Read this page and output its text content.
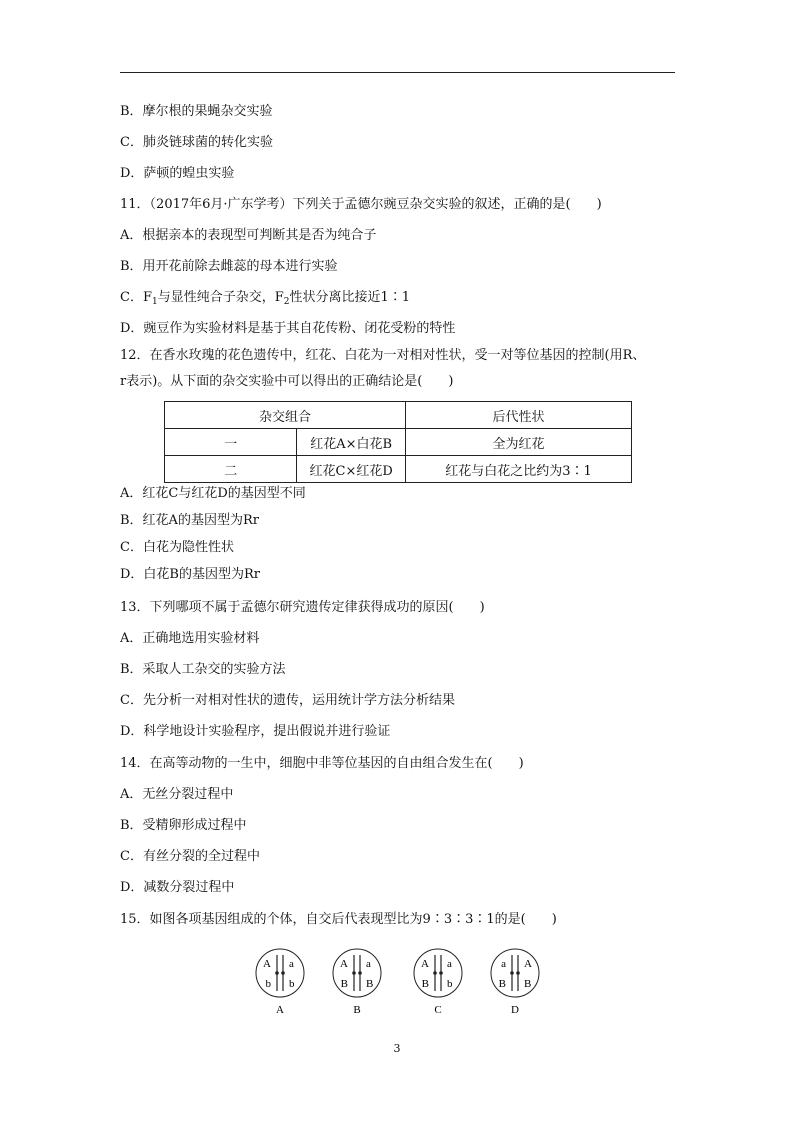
B．摩尔根的果蝇杂交实验
C．肺炎链球菌的转化实验
D．萨顿的蝗虫实验
11．（2017年6月·广东学考）下列关于孟德尔豌豆杂交实验的叙述，正确的是(　　)
A．根据亲本的表现型可判断其是否为纯合子
B．用开花前除去雌蕊的母本进行实验
C．$F_1$与显性纯合子杂交，$F_2$性状分离比接近1∶1
D．豌豆作为实验材料是基于其自花传粉、闭花受粉的特性
12．在香水玫瑰的花色遗传中，红花、白花为一对相对性状，受一对等位基因的控制(用R、
r表示)。从下面的杂交实验中可以得出的正确结论是(　　)
杂交组合		后代性状
一	红花A×白花B	全为红花
二	红花C×红花D	红花与白花之比约为3∶1
A．红花C与红花D的基因型不同
B．红花A的基因型为Rr
C．白花为隐性性状
D．白花B的基因型为Rr
13．下列哪项不属于孟德尔研究遗传定律获得成功的原因(　　)
A．正确地选用实验材料
B．采取人工杂交的实验方法
C．先分析一对相对性状的遗传，运用统计学方法分析结果
D．科学地设计实验程序，提出假说并进行验证
14．在高等动物的一生中，细胞中非等位基因的自由组合发生在(　　)
A．无丝分裂过程中
B．受精卵形成过程中
C．有丝分裂的全过程中
D．减数分裂过程中
15．如图各项基因组成的个体，自交后代表现型比为9∶3∶3∶1的是(　　)
A a
b b
A
A a
B B
B
A a
B b
C
a A
B B
D
3
